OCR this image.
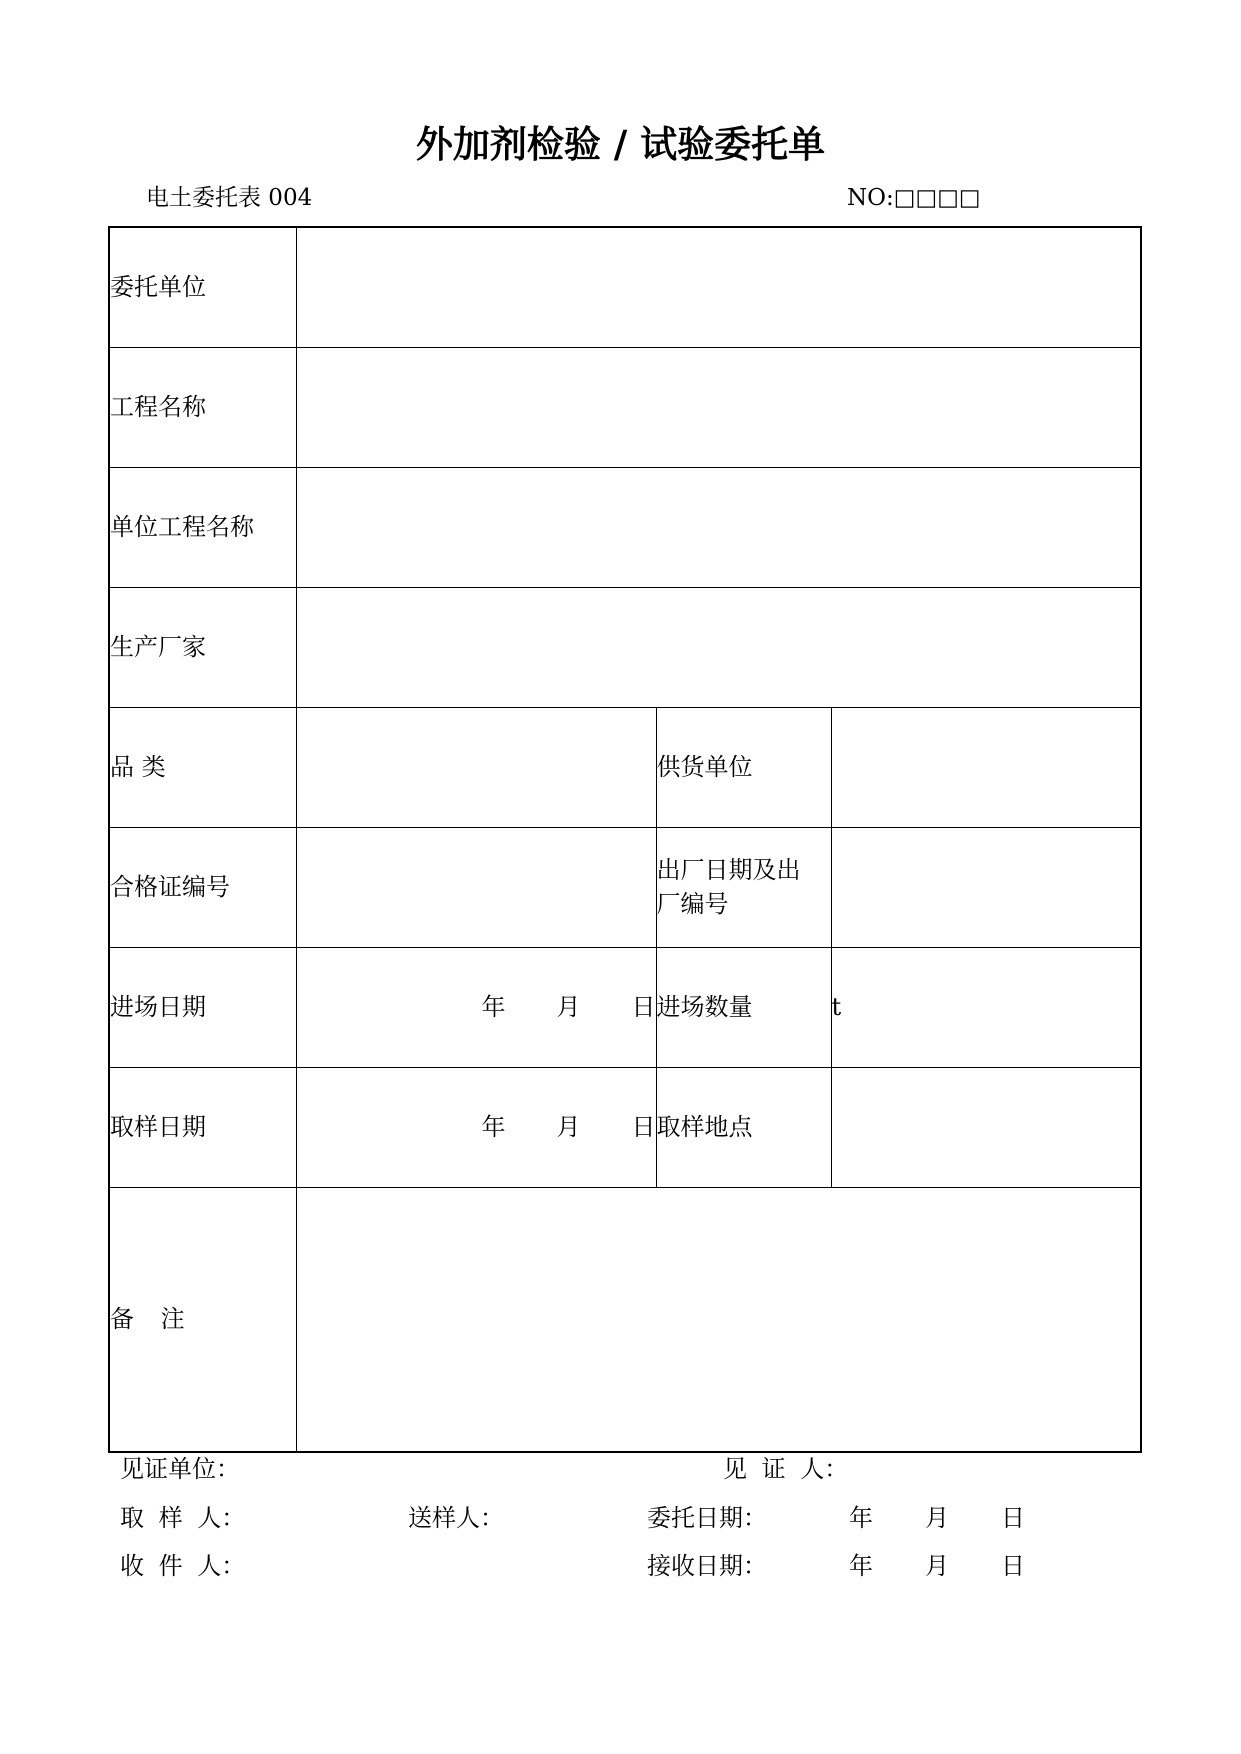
外加剂检验 / 试验委托单
电土委托表 004	NO:□□□□
委托单位			
工程名称			
单位工程名称			
生产厂家			
品 类		供货单位	
合格证编号		出厂日期及出厂编号	

进场日期	年 月 日	进场数量	t
取样日期	年 月 日	取样地点	
备 注			
见证单位：	见 证 人：
取 样 人：	送样人：	委托日期：	年 月 日
收 件 人：	接收日期：	年 月 日
